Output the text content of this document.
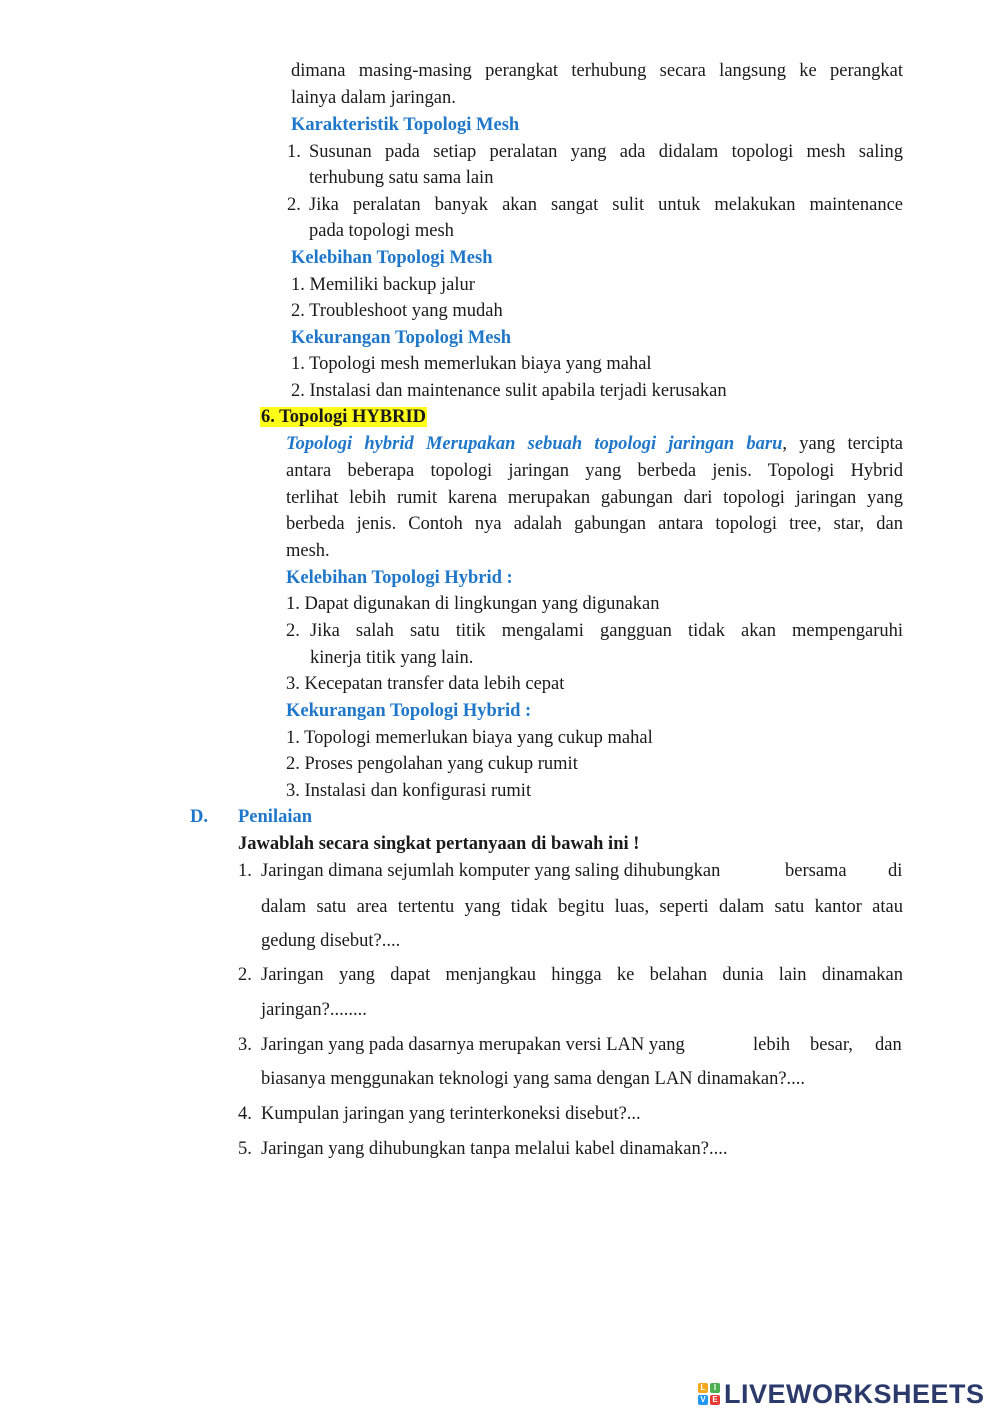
dimana masing-masing perangkat terhubung secara langsung ke perangkat
lainya dalam jaringan.
Karakteristik Topologi Mesh
1. Susunan pada setiap peralatan yang ada didalam topologi mesh saling
terhubung satu sama lain
2. Jika peralatan banyak akan sangat sulit untuk melakukan maintenance
pada topologi mesh
Kelebihan Topologi Mesh
1. Memiliki backup jalur
2. Troubleshoot yang mudah
Kekurangan Topologi Mesh
1. Topologi mesh memerlukan biaya yang mahal
2. Instalasi dan maintenance sulit apabila terjadi kerusakan
6. Topologi HYBRID
Topologi hybrid Merupakan sebuah topologi jaringan baru, yang tercipta
antara beberapa topologi jaringan yang berbeda jenis. Topologi Hybrid
terlihat lebih rumit karena merupakan gabungan dari topologi jaringan yang
berbeda jenis. Contoh nya adalah gabungan antara topologi tree, star, dan
mesh.
Kelebihan Topologi Hybrid :
1. Dapat digunakan di lingkungan yang digunakan
2. Jika salah satu titik mengalami gangguan tidak akan mempengaruhi
kinerja titik yang lain.
3. Kecepatan transfer data lebih cepat
Kekurangan Topologi Hybrid :
1. Topologi memerlukan biaya yang cukup mahal
2. Proses pengolahan yang cukup rumit
3. Instalasi dan konfigurasi rumit
D. Penilaian
Jawablah secara singkat pertanyaan di bawah ini !
1. Jaringan dimana sejumlah komputer yang saling dihubungkan	bersama di
dalam satu area tertentu yang tidak begitu luas, seperti dalam satu kantor atau
gedung disebut?....
2. Jaringan yang dapat menjangkau hingga ke belahan dunia lain dinamakan
jaringan?........
3. Jaringan yang pada dasarnya merupakan versi LAN yang	lebih besar, dan
biasanya menggunakan teknologi yang sama dengan LAN dinamakan?....
4. Kumpulan jaringan yang terinterkoneksi disebut?...
5. Jaringan yang dihubungkan tanpa melalui kabel dinamakan?....
L	I
V E LIVEWORKSHEETS
